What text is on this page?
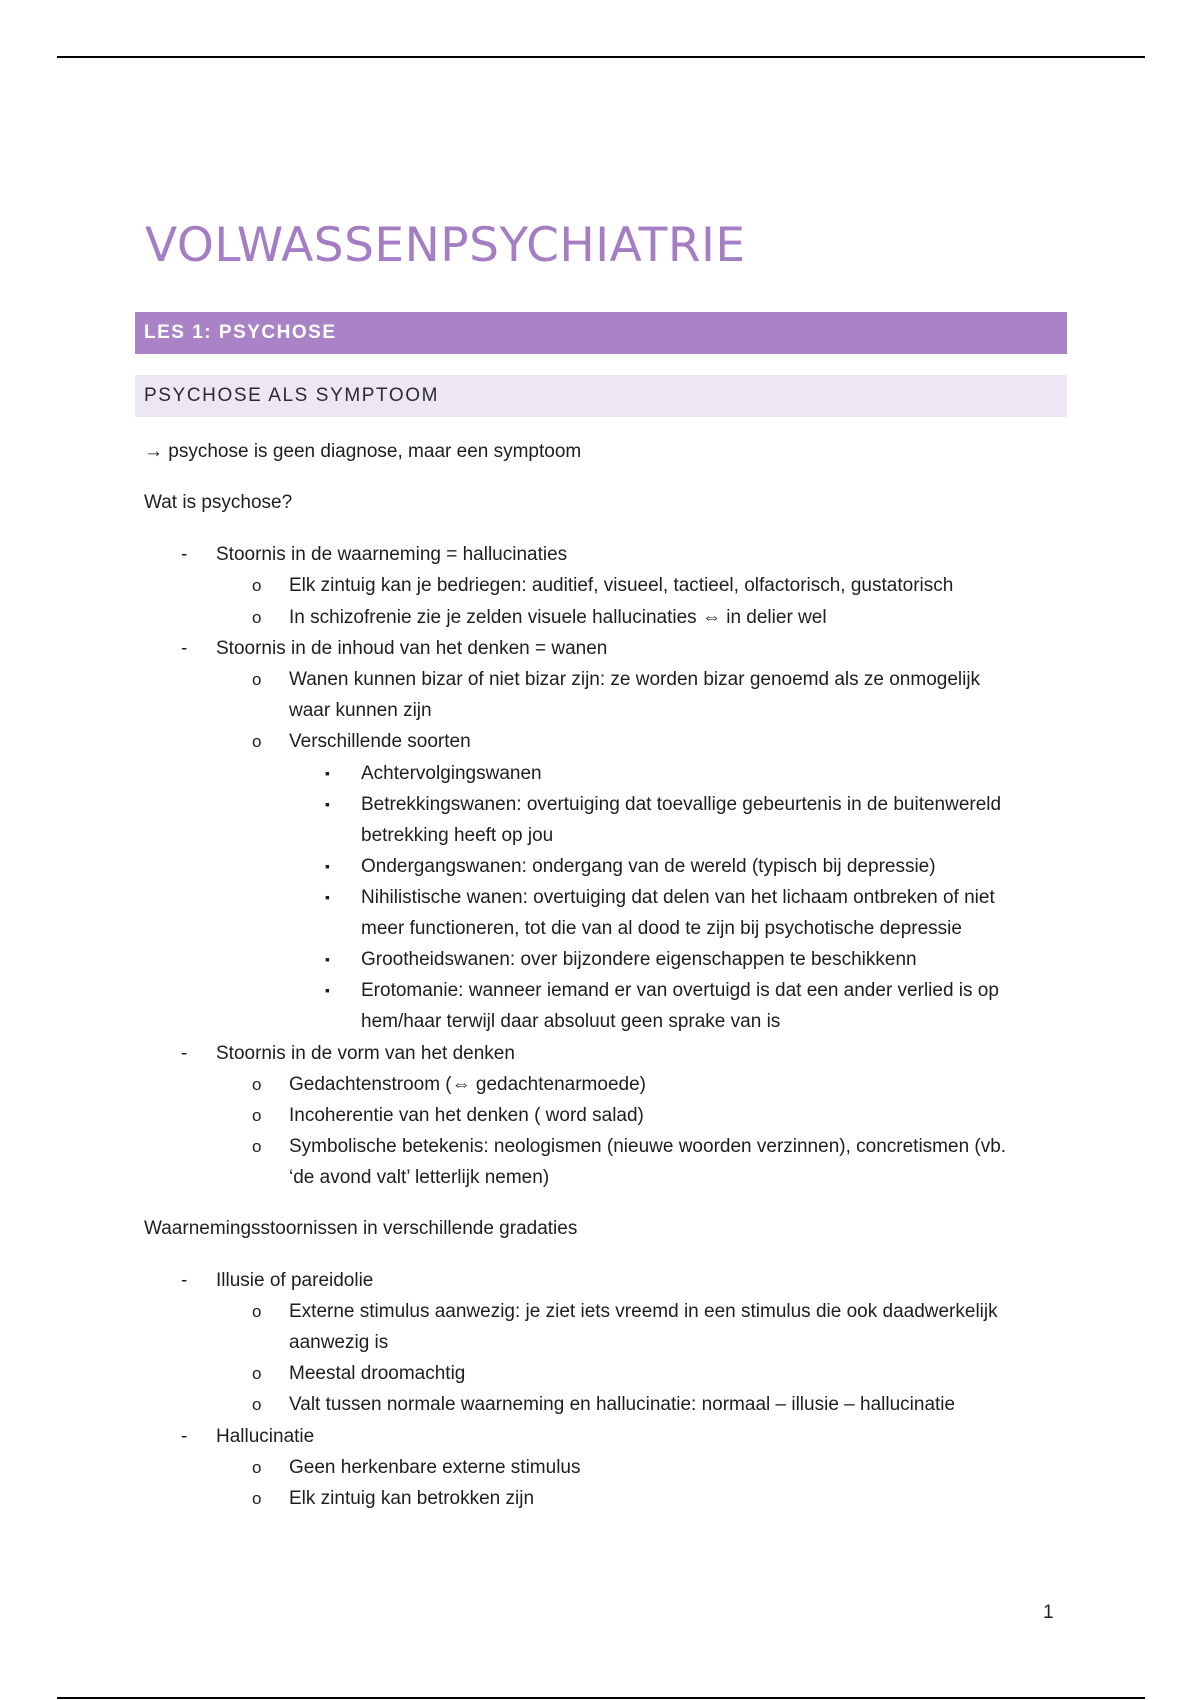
VOLWASSENPSYCHIATRIE
LES 1: PSYCHOSE
PSYCHOSE ALS SYMPTOOM
→ psychose is geen diagnose, maar een symptoom
Wat is psychose?
- Stoornis in de waarneming = hallucinaties
o Elk zintuig kan je bedriegen: auditief, visueel, tactieel, olfactorisch, gustatorisch
o In schizofrenie zie je zelden visuele hallucinaties ⇔ in delier wel
- Stoornis in de inhoud van het denken = wanen
o Wanen kunnen bizar of niet bizar zijn: ze worden bizar genoemd als ze onmogelijk
waar kunnen zijn
o Verschillende soorten
▪ Achtervolgingswanen
▪ Betrekkingswanen: overtuiging dat toevallige gebeurtenis in de buitenwereld
betrekking heeft op jou
▪ Ondergangswanen: ondergang van de wereld (typisch bij depressie)
▪ Nihilistische wanen: overtuiging dat delen van het lichaam ontbreken of niet
meer functioneren, tot die van al dood te zijn bij psychotische depressie
▪ Grootheidswanen: over bijzondere eigenschappen te beschikkenn
▪ Erotomanie: wanneer iemand er van overtuigd is dat een ander verlied is op
hem/haar terwijl daar absoluut geen sprake van is
- Stoornis in de vorm van het denken
o Gedachtenstroom (⇔ gedachtenarmoede)
o Incoherentie van het denken ( word salad)
o Symbolische betekenis: neologismen (nieuwe woorden verzinnen), concretismen (vb.
‘de avond valt’ letterlijk nemen)
Waarnemingsstoornissen in verschillende gradaties
- Illusie of pareidolie
o Externe stimulus aanwezig: je ziet iets vreemd in een stimulus die ook daadwerkelijk
aanwezig is
o Meestal droomachtig
o Valt tussen normale waarneming en hallucinatie: normaal – illusie – hallucinatie
- Hallucinatie
o Geen herkenbare externe stimulus
o Elk zintuig kan betrokken zijn
1
